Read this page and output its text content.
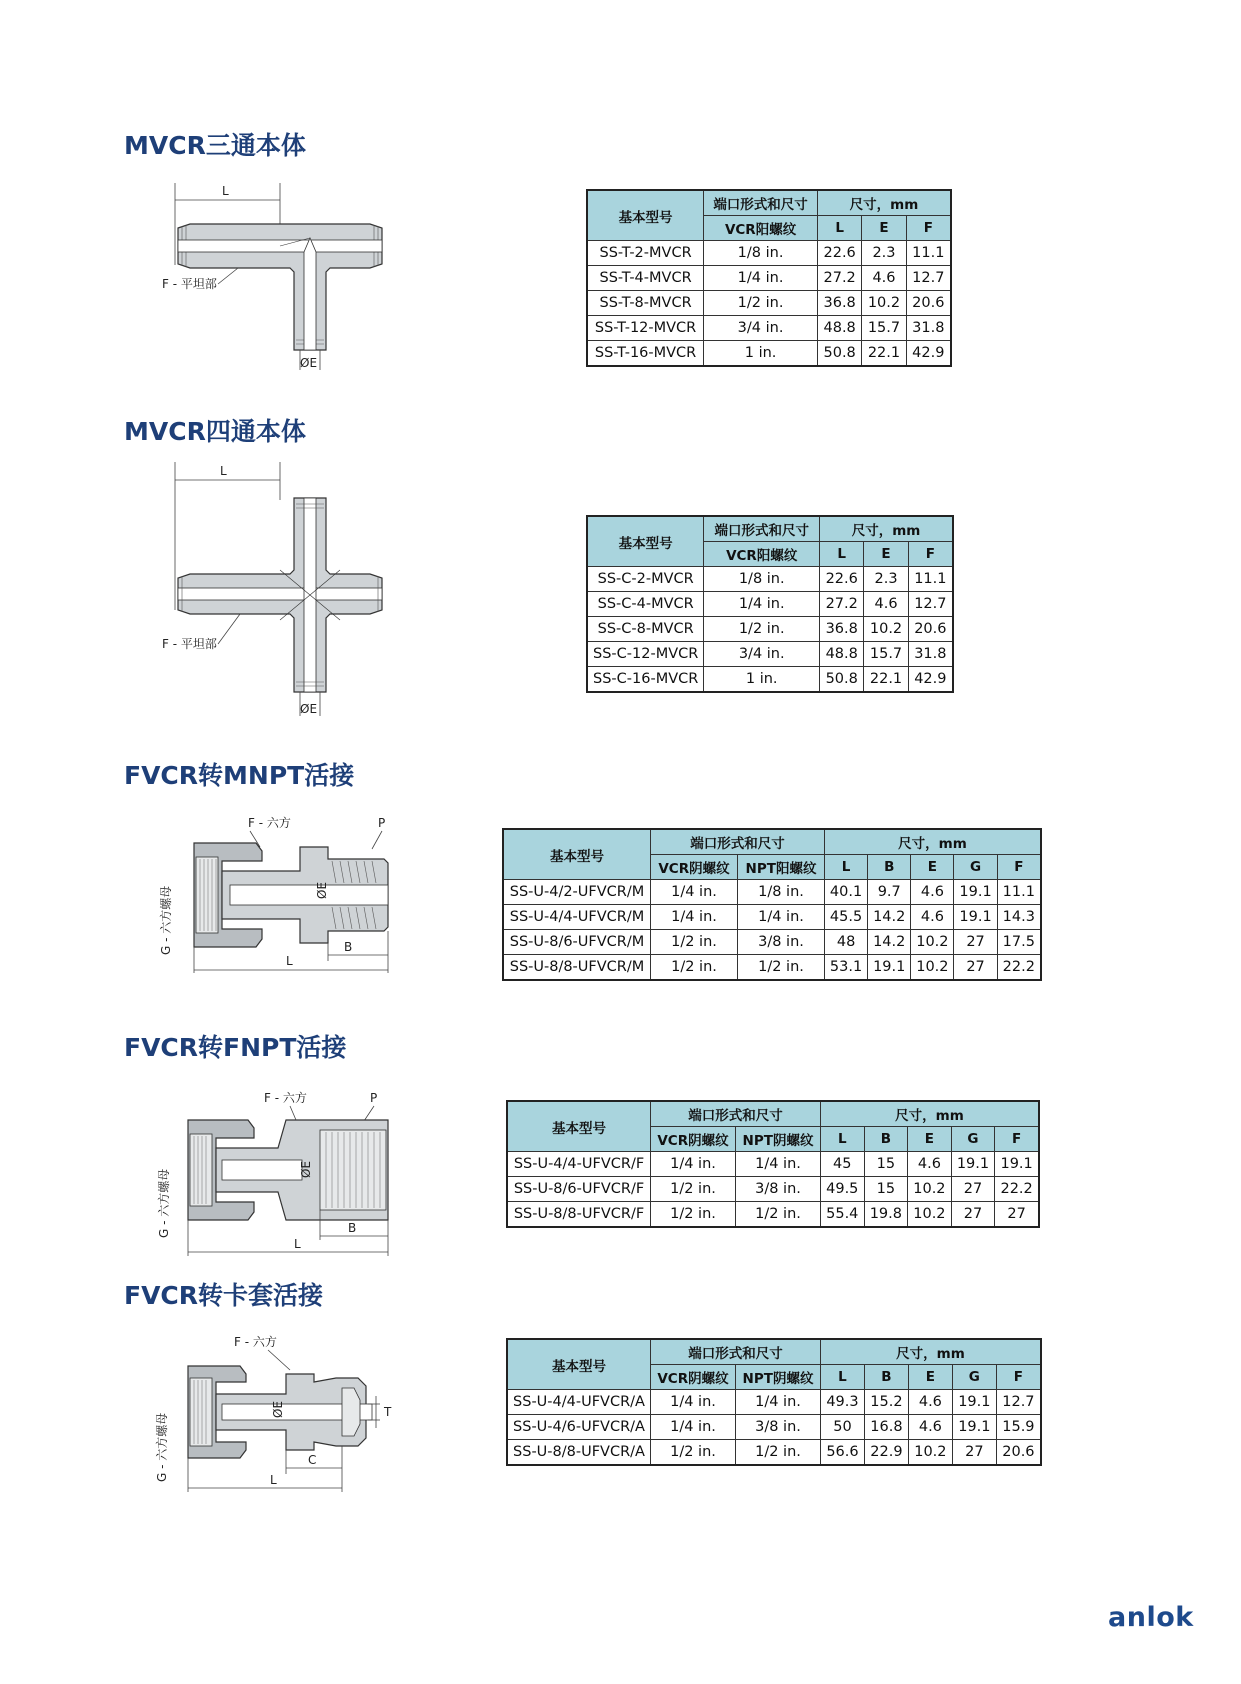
MVCR三通本体
L
F - 平坦部
ØE
基本型号	端口形式和尺寸	尺寸，mm		
	VCR阳螺纹	L	E	F
SS-T-2-MVCR	1/8 in.	22.6	2.3	11.1
SS-T-4-MVCR	1/4 in.	27.2	4.6	12.7
SS-T-8-MVCR	1/2 in.	36.8	10.2	20.6
SS-T-12-MVCR	3/4 in.	48.8	15.7	31.8
SS-T-16-MVCR	1 in.	50.8	22.1	42.9
MVCR四通本体
L
F - 平坦部
ØE
基本型号	端口形式和尺寸	尺寸，mm		
	VCR阳螺纹	L	E	F
SS-C-2-MVCR	1/8 in.	22.6	2.3	11.1
SS-C-4-MVCR	1/4 in.	27.2	4.6	12.7
SS-C-8-MVCR	1/2 in.	36.8	10.2	20.6
SS-C-12-MVCR	3/4 in.	48.8	15.7	31.8
SS-C-16-MVCR	1 in.	50.8	22.1	42.9
FVCR转MNPT活接
F - 六方	P
ØE
G - 六方螺母	B
L
基本型号	端口形式和尺寸		尺寸，mm				
	VCR阴螺纹	NPT阳螺纹	L	B	E	G	F
SS-U-4/2-UFVCR/M	1/4 in.	1/8 in.	40.1	9.7	4.6	19.1	11.1
SS-U-4/4-UFVCR/M	1/4 in.	1/4 in.	45.5	14.2	4.6	19.1	14.3
SS-U-8/6-UFVCR/M	1/2 in.	3/8 in.	48	14.2	10.2	27	17.5
SS-U-8/8-UFVCR/M	1/2 in.	1/2 in.	53.1	19.1	10.2	27	22.2
FVCR转FNPT活接
F - 六方	P
ØE
G - 六方螺母	B
L
基本型号	端口形式和尺寸		尺寸，mm				
	VCR阴螺纹	NPT阴螺纹	L	B	E	G	F
SS-U-4/4-UFVCR/F	1/4 in.	1/4 in.	45	15	4.6	19.1	19.1
SS-U-8/6-UFVCR/F	1/2 in.	3/8 in.	49.5	15	10.2	27	22.2
SS-U-8/8-UFVCR/F	1/2 in.	1/2 in.	55.4	19.8	10.2	27	27
FVCR转卡套活接
F - 六方
ØE
G - 六方螺母
T
C
L
基本型号	端口形式和尺寸		尺寸，mm				
	VCR阴螺纹	NPT阴螺纹	L	B	E	G	F
SS-U-4/4-UFVCR/A	1/4 in.	1/4 in.	49.3	15.2	4.6	19.1	12.7
SS-U-4/6-UFVCR/A	1/4 in.	3/8 in.	50	16.8	4.6	19.1	15.9
SS-U-8/8-UFVCR/A	1/2 in.	1/2 in.	56.6	22.9	10.2	27	20.6
anlok
